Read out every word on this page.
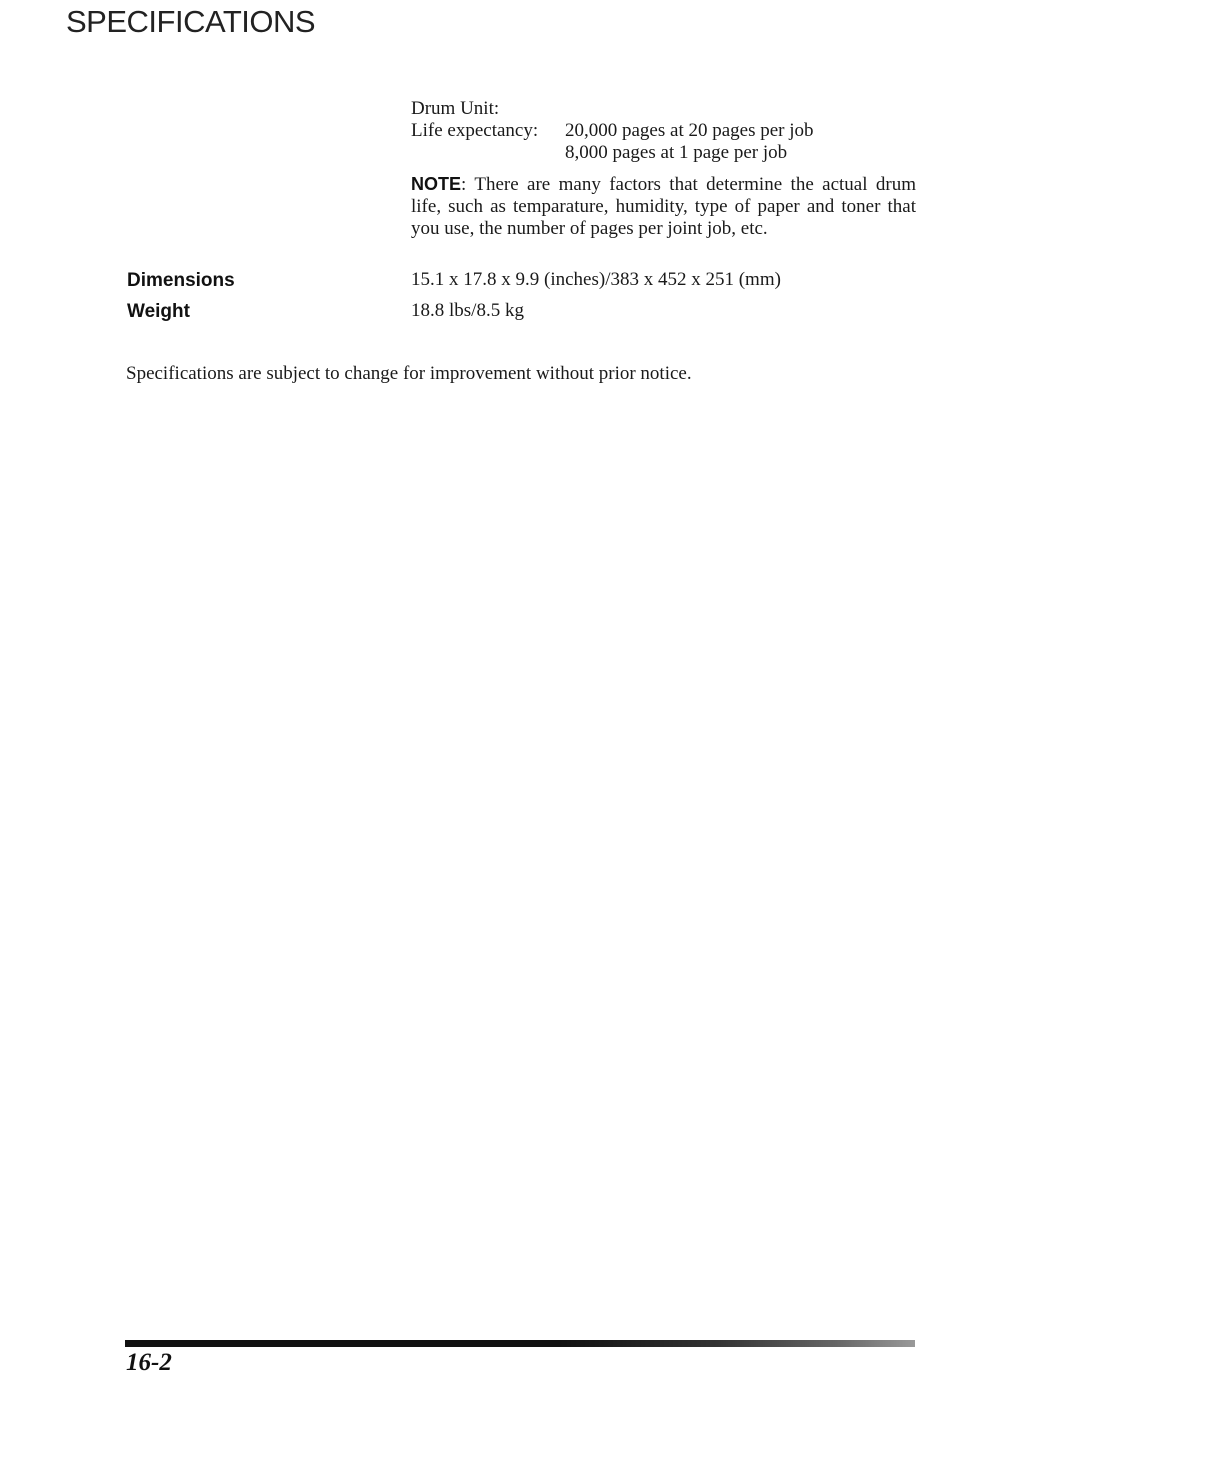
SPECIFICATIONS
Drum Unit:
Life expectancy: 20,000 pages at 20 pages per job
8,000 pages at 1 page per job
NOTE: There are many factors that determine the actual drum life, such as temparature, humidity, type of paper and toner that you use, the number of pages per joint job, etc.
Dimensions	15.1 x 17.8 x 9.9 (inches)/383 x 452 x 251 (mm)
Weight	18.8 lbs/8.5 kg
Specifications are subject to change for improvement without prior notice.
16-2
